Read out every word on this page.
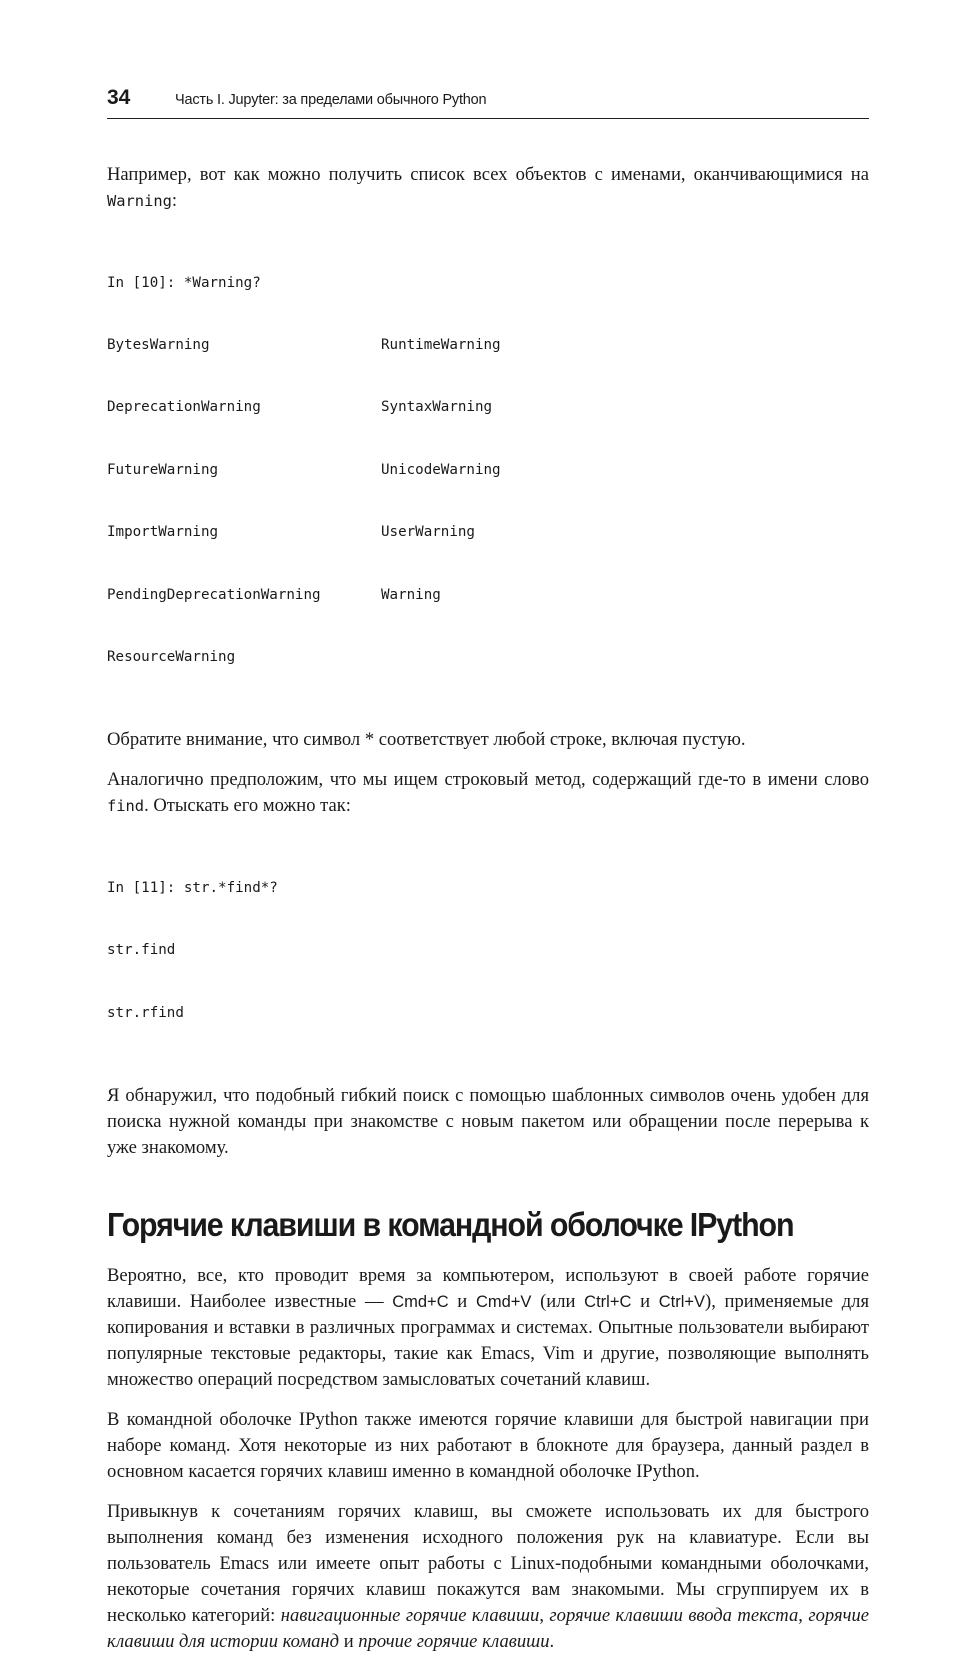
34	Часть I. Jupyter: за пределами обычного Python

Например, вот как можно получить список всех объектов с именами, оканчивающимися на Warning:

In [10]: *Warning?

BytesWarning	RuntimeWarning

DeprecationWarning	SyntaxWarning

FutureWarning	UnicodeWarning

ImportWarning	UserWarning

PendingDeprecationWarning	Warning

ResourceWarning

Обратите внимание, что символ * соответствует любой строке, включая пустую.

Аналогично предположим, что мы ищем строковый метод, содержащий где-то в имени слово find. Отыскать его можно так:

In [11]: str.*find*?

str.find

str.rfind

Я обнаружил, что подобный гибкий поиск с помощью шаблонных символов очень удобен для поиска нужной команды при знакомстве с новым пакетом или обращении после перерыва к уже знакомому.

Горячие клавиши в командной оболочке IPython

Вероятно, все, кто проводит время за компьютером, используют в своей работе горячие клавиши. Наиболее известные — Cmd+C и Cmd+V (или Ctrl+C и Ctrl+V), применяемые для копирования и вставки в различных программах и системах. Опытные пользователи выбирают популярные текстовые редакторы, такие как Emacs, Vim и другие, позволяющие выполнять множество операций посредством замысловатых сочетаний клавиш.

В командной оболочке IPython также имеются горячие клавиши для быстрой навигации при наборе команд. Хотя некоторые из них работают в блокноте для браузера, данный раздел в основном касается горячих клавиш именно в командной оболочке IPython.

Привыкнув к сочетаниям горячих клавиш, вы сможете использовать их для быстрого выполнения команд без изменения исходного положения рук на клавиатуре. Если вы пользователь Emacs или имеете опыт работы с Linux-подобными командными оболочками, некоторые сочетания горячих клавиш покажутся вам знакомыми. Мы сгруппируем их в несколько категорий: навигационные горячие клавиши, горячие клавиши ввода текста, горячие клавиши для истории команд и прочие горячие клавиши.
